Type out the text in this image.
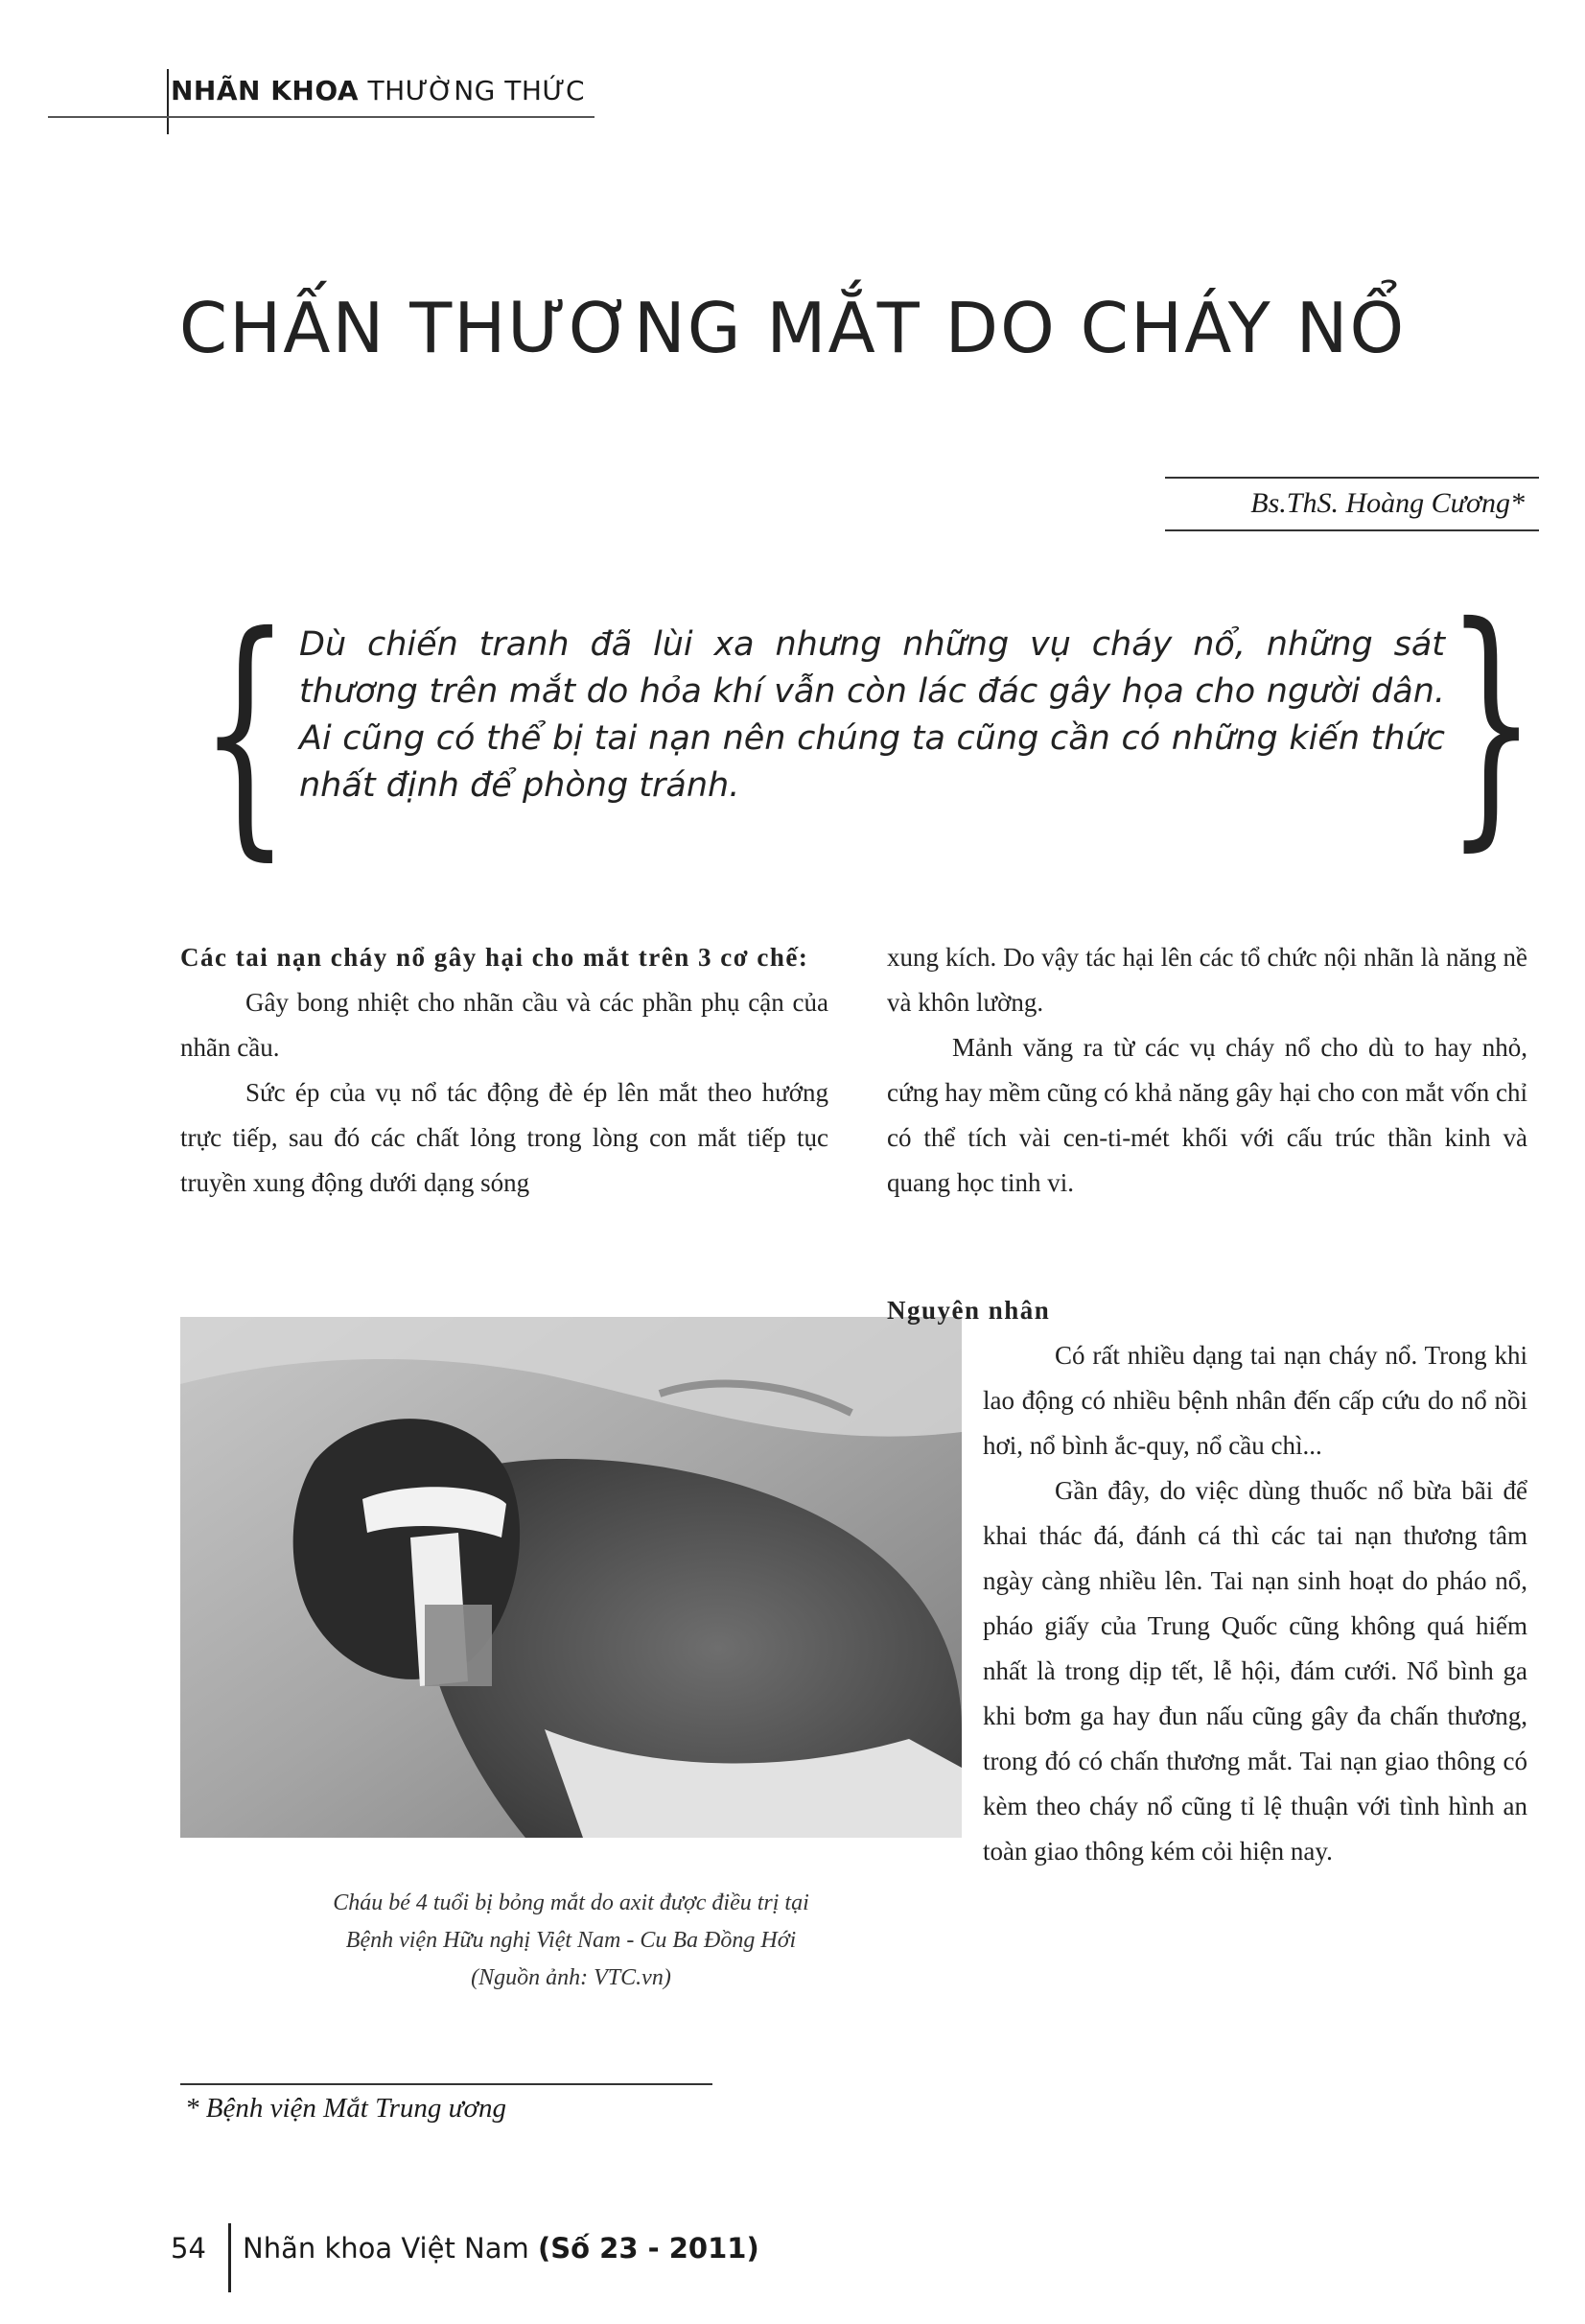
NHÃN KHOA THƯỜNG THỨC
CHẤN THƯƠNG MẮT DO CHÁY NỔ
Bs.ThS. Hoàng Cương*
{ Dù chiến tranh đã lùi xa nhưng những vụ cháy nổ, những sát thương trên mắt do hỏa khí vẫn còn lác đác gây họa cho người dân. Ai cũng có thể bị tai nạn nên chúng ta cũng cần có những kiến thức nhất định để phòng tránh.	}

Các tai nạn cháy nổ gây hại cho mắt trên 3 cơ chế:

Gây bong nhiệt cho nhãn cầu và các phần phụ cận của nhãn cầu.

Sức ép của vụ nổ tác động đè ép lên mắt theo hướng trực tiếp, sau đó các chất lỏng trong lòng con mắt tiếp tục truyền xung động dưới dạng sóng

Cháu bé 4 tuổi bị bỏng mắt do axit được điều trị tại
Bệnh viện Hữu nghị Việt Nam - Cu Ba Đồng Hới
(Nguồn ảnh: VTC.vn)

xung kích. Do vậy tác hại lên các tổ chức nội nhãn là năng nề và khôn lường.

Mảnh văng ra từ các vụ cháy nổ cho dù to hay nhỏ, cứng hay mềm cũng có khả năng gây hại cho con mắt vốn chỉ có thể tích vài cen-ti-mét khối với cấu trúc thần kinh và quang học tinh vi.

Nguyên nhân

Có rất nhiều dạng tai nạn cháy nổ. Trong khi lao động có nhiều bệnh nhân đến cấp cứu do nổ nồi hơi, nổ bình ắc-quy, nổ cầu chì...

Gần đây, do việc dùng thuốc nổ bừa bãi để khai thác đá, đánh cá thì các tai nạn thương tâm ngày càng nhiều lên. Tai nạn sinh hoạt do pháo nổ, pháo giấy của Trung Quốc cũng không quá hiếm nhất là trong dịp tết, lễ hội, đám cưới. Nổ bình ga khi bơm ga hay đun nấu cũng gây đa chấn thương, trong đó có chấn thương mắt. Tai nạn giao thông có kèm theo cháy nổ cũng tỉ lệ thuận với tình hình an toàn giao thông kém cỏi hiện nay.

* Bệnh viện Mắt Trung ương
54 Nhãn khoa Việt Nam (Số 23 - 2011)
